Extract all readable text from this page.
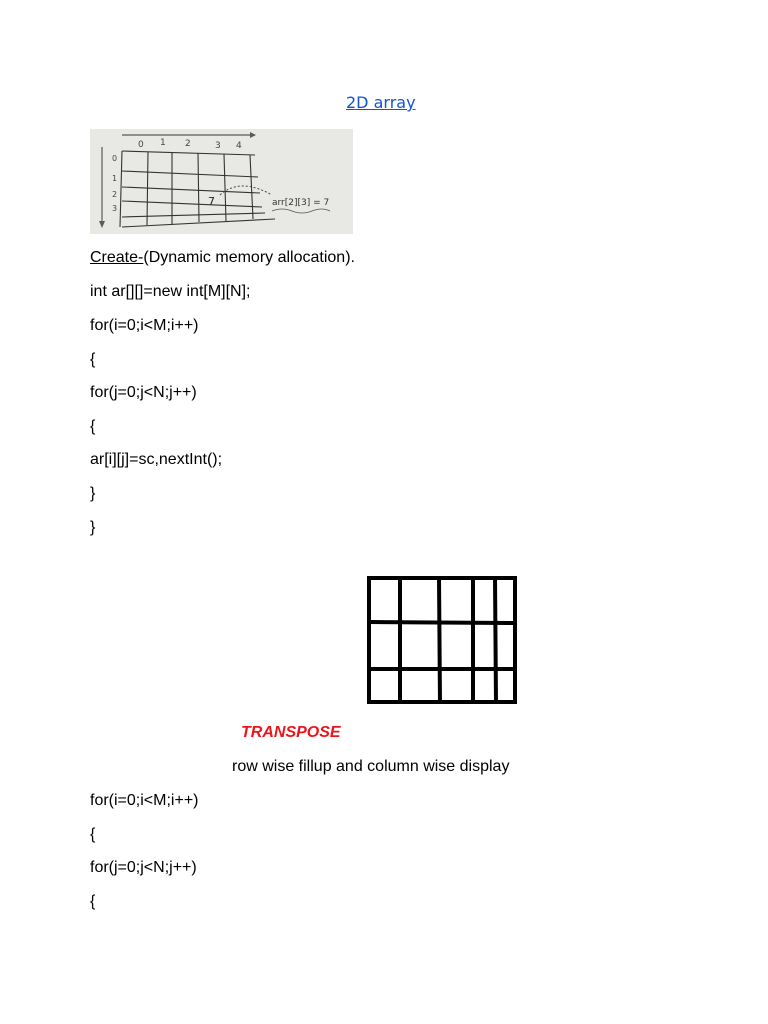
2D array
0 1 2	3 4
0
1
2
3
7	arr[2][3] = 7
Create-(Dynamic memory allocation).
int ar[][]=new int[M][N];
for(i=0;i<M;i++)
{
for(j=0;j<N;j++)
{
ar[i][j]=sc,nextInt();
}
}
TRANSPOSE
row wise fillup and column wise display
for(i=0;i<M;i++)
{
for(j=0;j<N;j++)
{
